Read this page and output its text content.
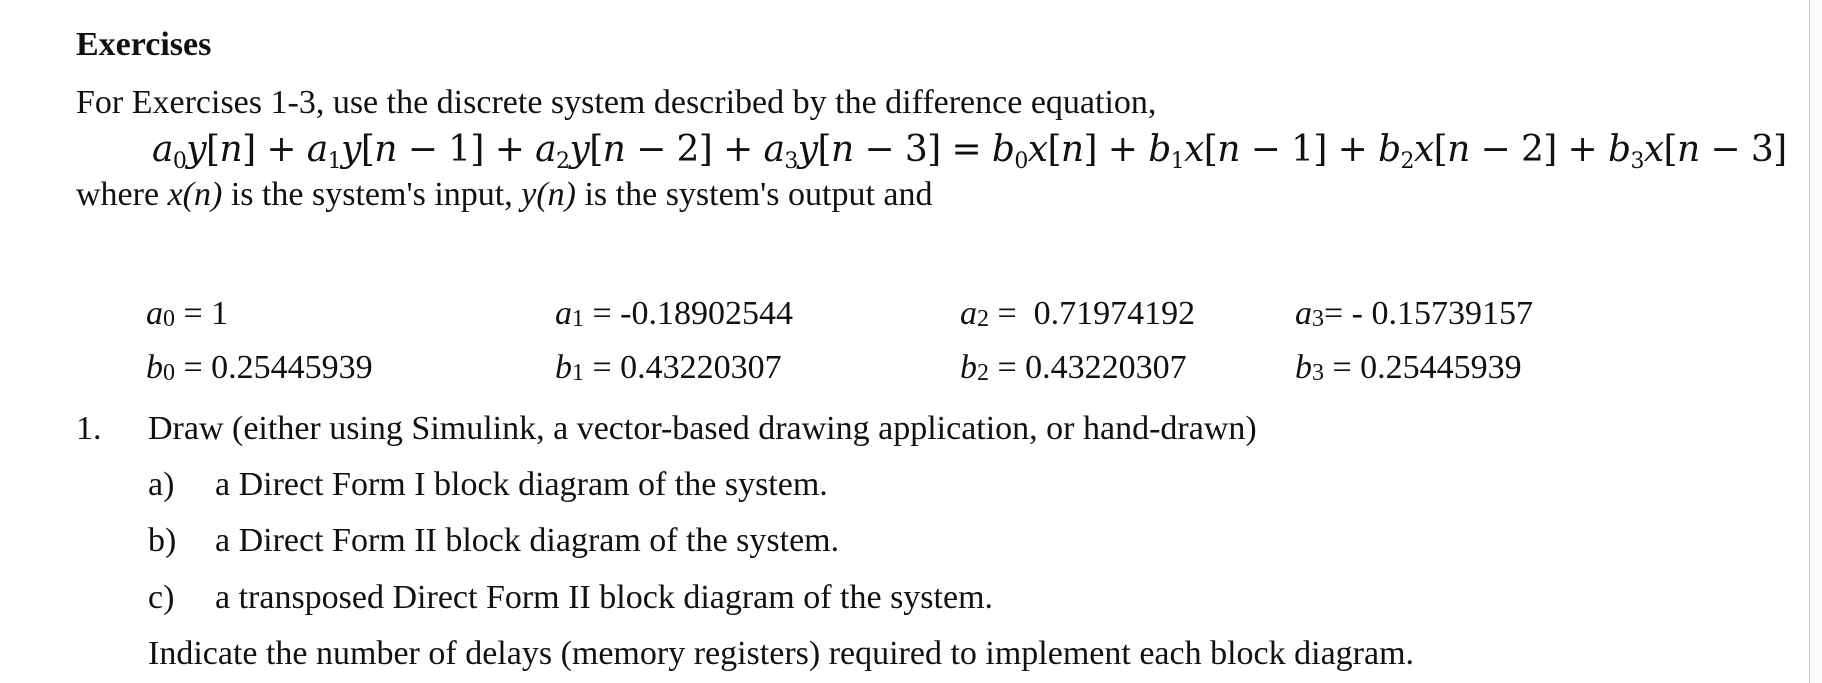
Exercises
For Exercises 1-3, use the discrete system described by the difference equation,
$a_0y[n] + a_1y[n - 1] + a_2y[n - 2] + a_3y[n - 3] = b_0x[n] + b_1x[n - 1] + b_2x[n - 2] + b_3x[n - 3]$
where x(n) is the system's input, y(n) is the system's output and
$a_0 = 1$	$a_1 = -0.18902544$	$a_2 = 0.71974192$	$a_3= - 0.15739157$
$b_0 = 0.25445939$	$b_1 = 0.43220307$	$b_2 = 0.43220307$	$b_3 = 0.25445939$
1. Draw (either using Simulink, a vector-based drawing application, or hand-drawn)
a) a Direct Form I block diagram of the system.
b) a Direct Form II block diagram of the system.
c) a transposed Direct Form II block diagram of the system.
Indicate the number of delays (memory registers) required to implement each block diagram.
